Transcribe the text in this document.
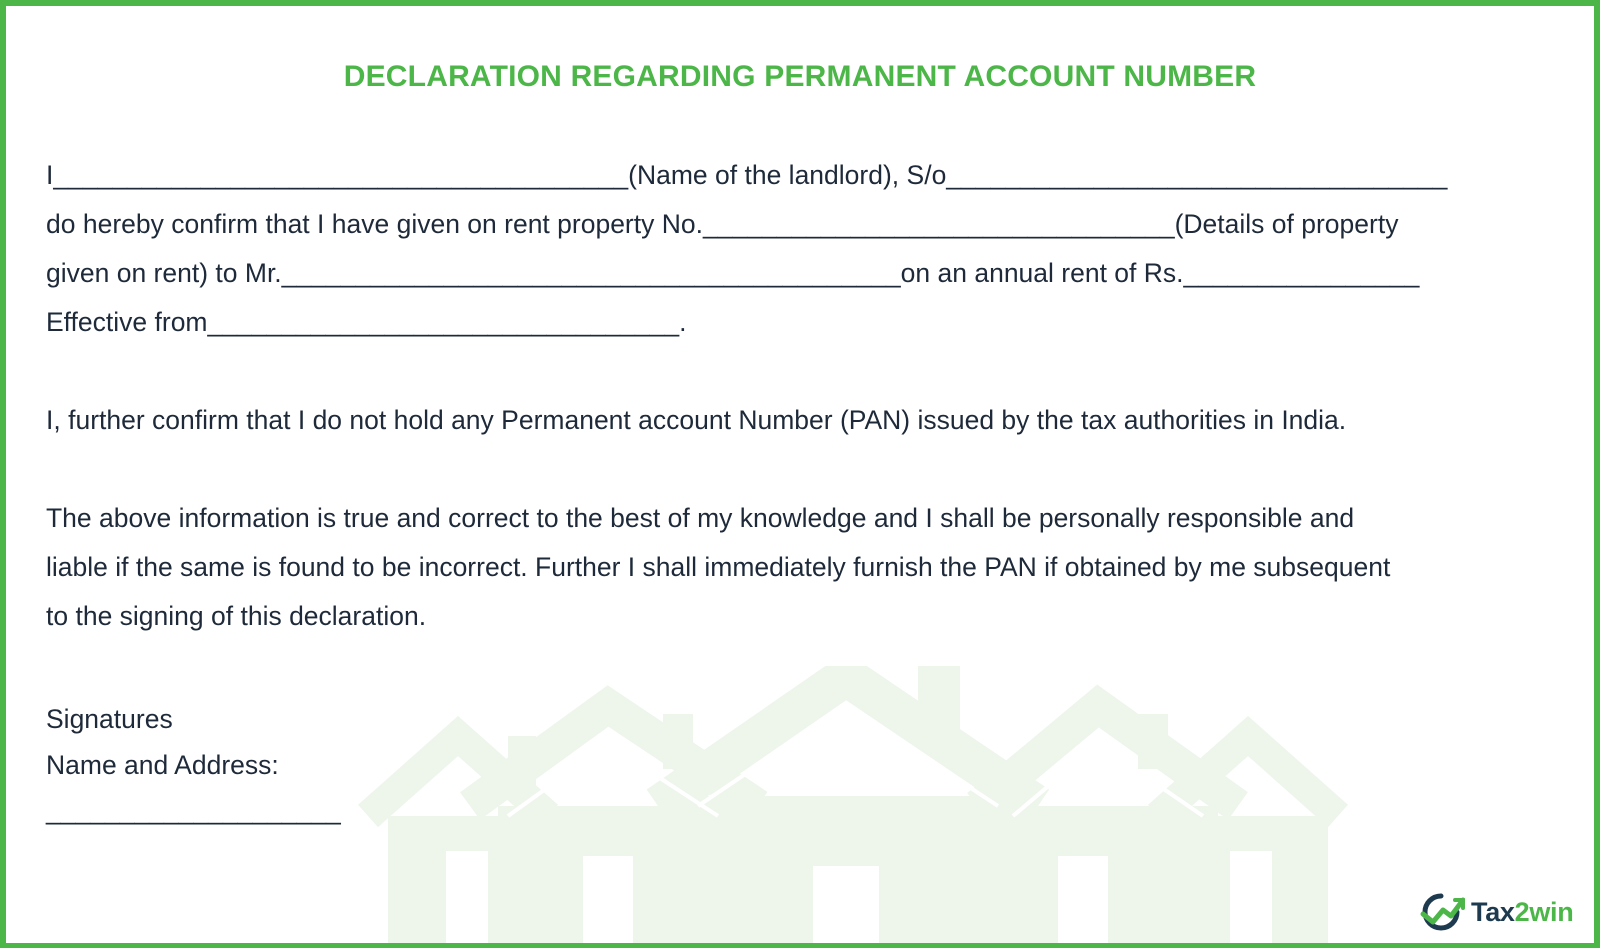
DECLARATION REGARDING PERMANENT ACCOUNT NUMBER
I_______________________________________(Name of the landlord), S/o__________________________________
do hereby confirm that I have given on rent property No.________________________________(Details of property
given on rent) to Mr.__________________________________________on an annual rent of Rs.________________
Effective from________________________________.
I, further confirm that I do not hold any Permanent account Number (PAN) issued by the tax authorities in India.
The above information is true and correct to the best of my knowledge and I shall be personally responsible and
liable if the same is found to be incorrect. Further I shall immediately furnish the PAN if obtained by me subsequent
to the signing of this declaration.
Signatures
Name and Address:
____________________
Tax2win
